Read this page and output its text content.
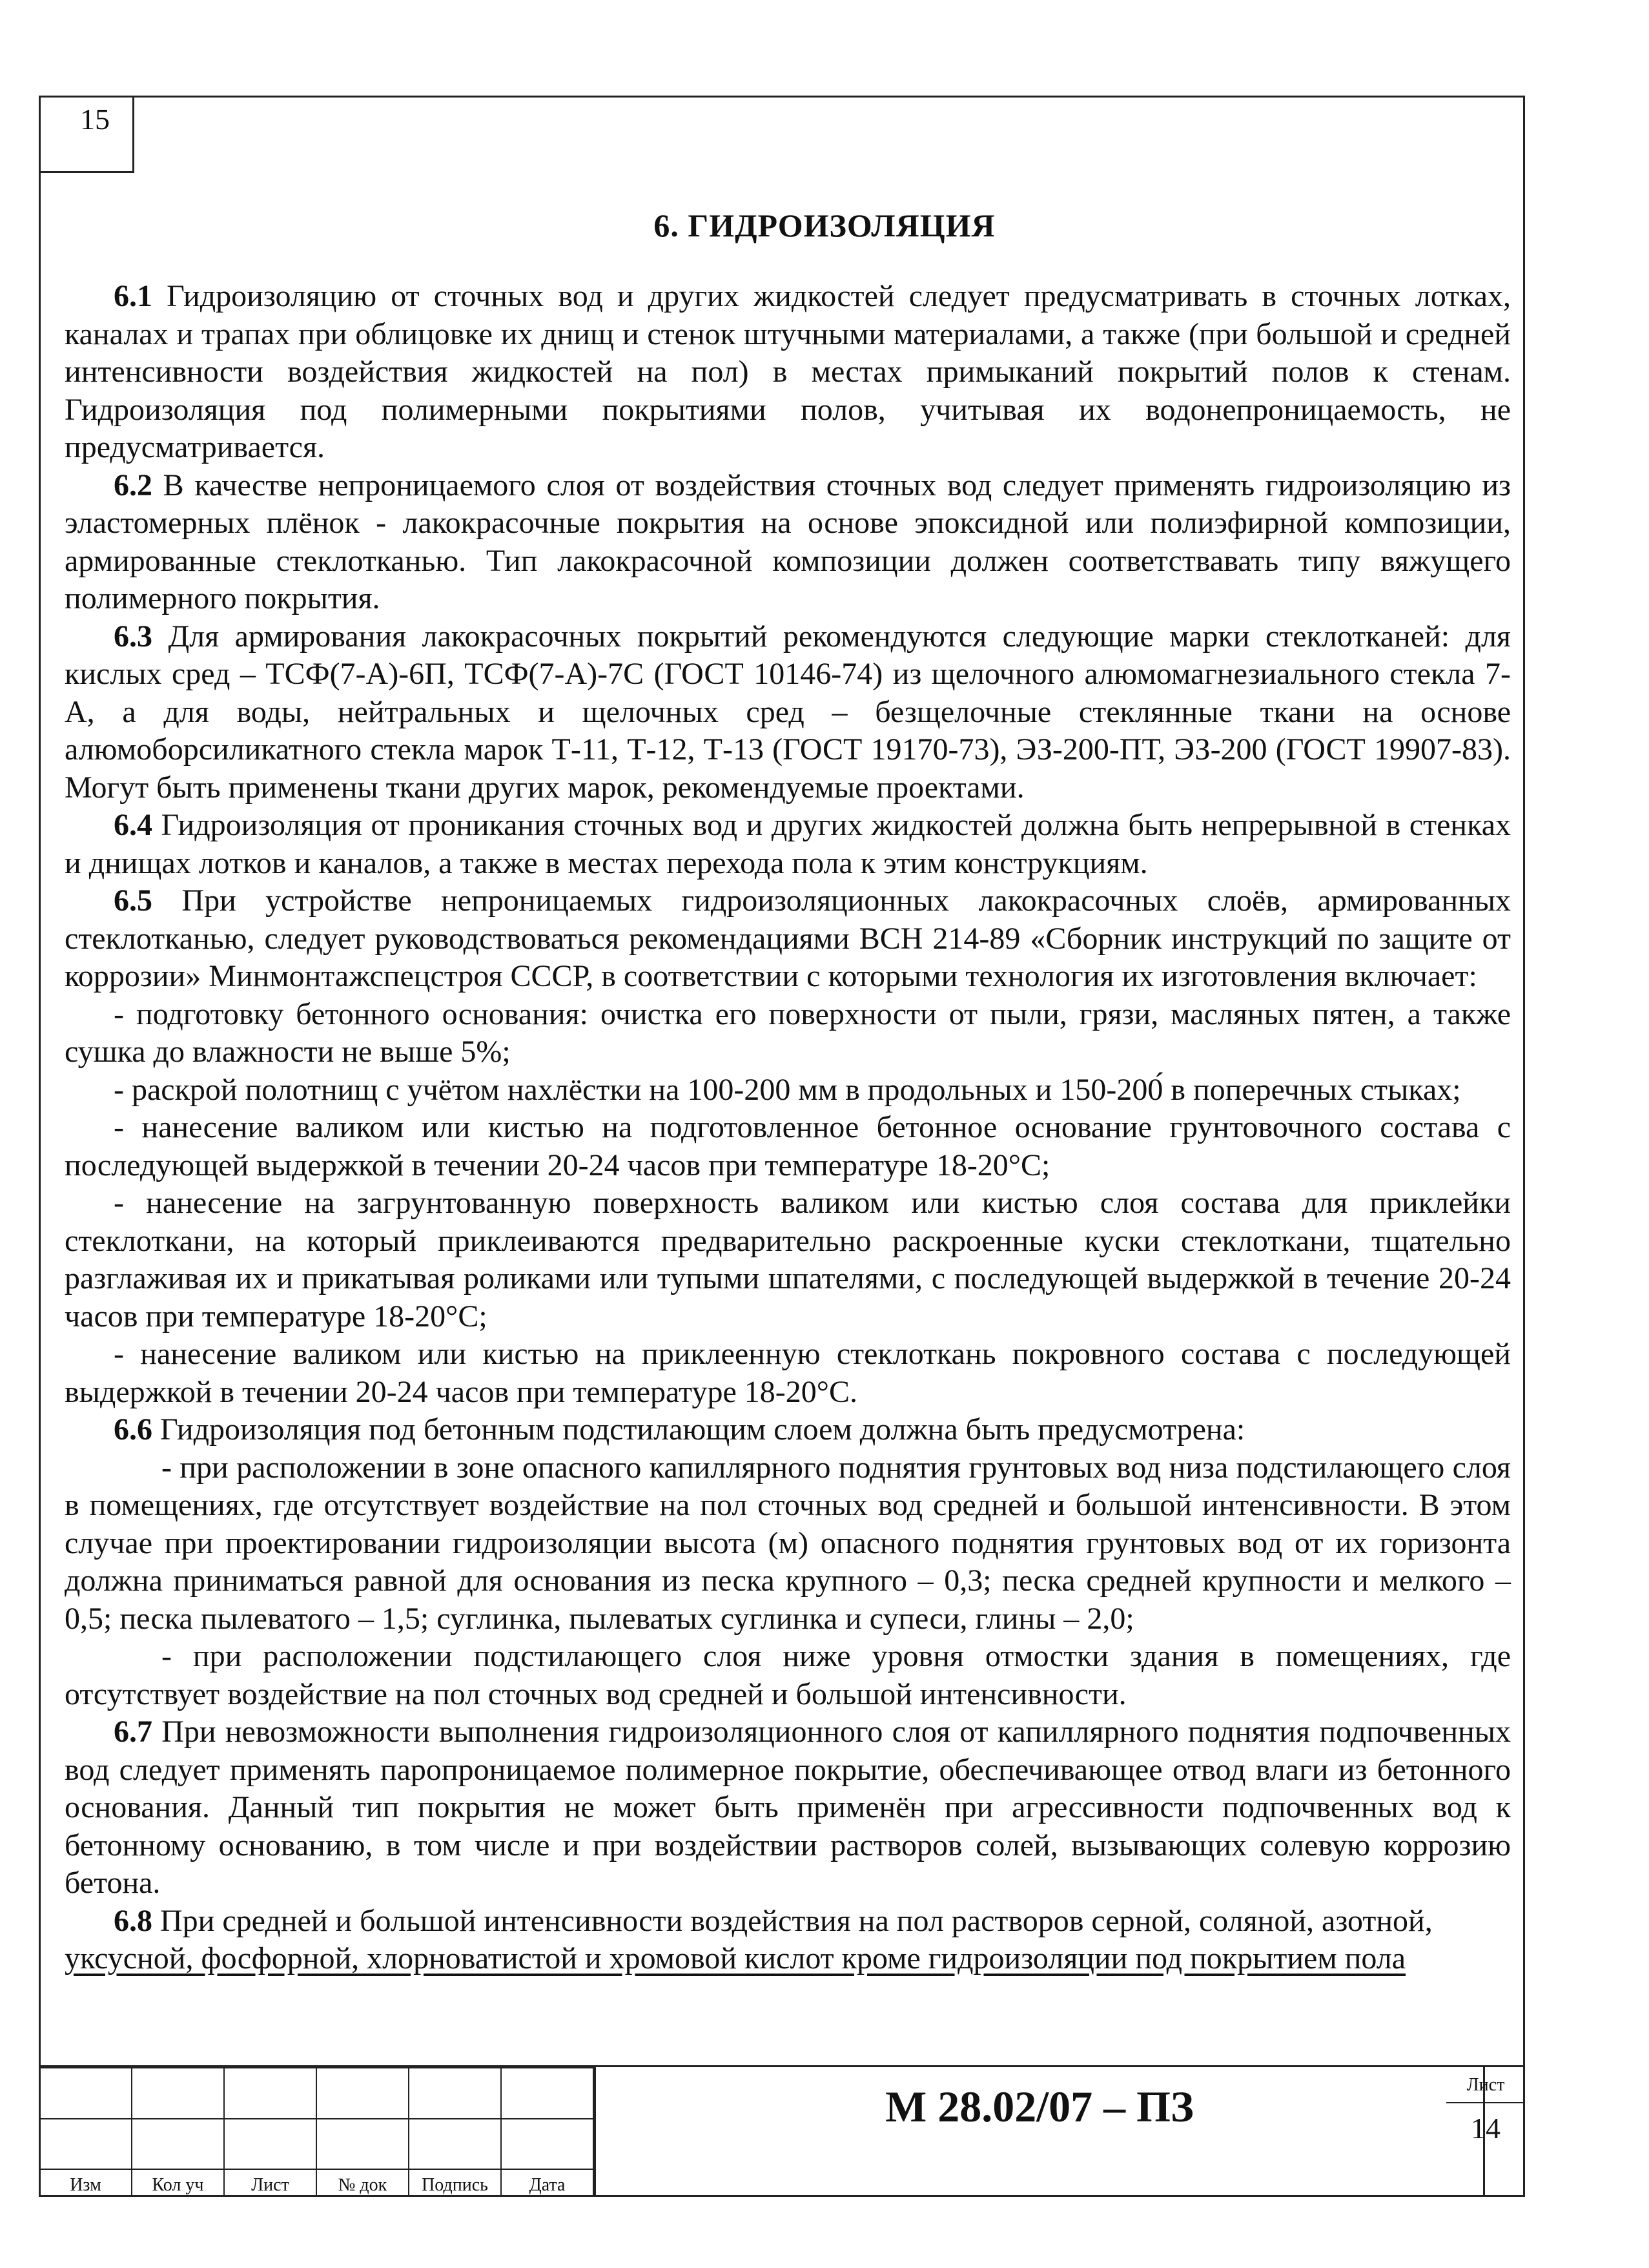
15
6. ГИДРОИЗОЛЯЦИЯ

6.1 Гидроизоляцию от сточных вод и других жидкостей следует предусматривать в сточных лотках, каналах и трапах при облицовке их днищ и стенок штучными материалами, а также (при большой и средней интенсивности воздействия жидкостей на пол) в местах примыканий покрытий полов к стенам. Гидроизоляция под полимерными покрытиями полов, учитывая их водонепроницаемость, не предусматривается.

6.2 В качестве непроницаемого слоя от воздействия сточных вод следует применять гидроизоляцию из эластомерных плёнок - лакокрасочные покрытия на основе эпоксидной или полиэфирной композиции, армированные стеклотканью. Тип лакокрасочной композиции должен соответствавать типу вяжущего полимерного покрытия.

6.3 Для армирования лакокрасочных покрытий рекомендуются следующие марки стеклотканей: для кислых сред – ТСФ(7-А)-6П, ТСФ(7-А)-7С (ГОСТ 10146-74) из щелочного алюмомагнезиального стекла 7-А, а для воды, нейтральных и щелочных сред – безщелочные стеклянные ткани на основе алюмоборсиликатного стекла марок Т-11, Т-12, Т-13 (ГОСТ 19170-73), ЭЗ-200-ПТ, ЭЗ-200 (ГОСТ 19907-83). Могут быть применены ткани других марок, рекомендуемые проектами.

6.4 Гидроизоляция от проникания сточных вод и других жидкостей должна быть непрерывной в стенках и днищах лотков и каналов, а также в местах перехода пола к этим конструкциям.

6.5 При устройстве непроницаемых гидроизоляционных лакокрасочных слоёв, армированных стеклотканью, следует руководствоваться рекомендациями ВСН 214-89 «Сборник инструкций по защите от коррозии» Минмонтажспецстроя СССР, в соответствии с которыми технология их изготовления включает:

- подготовку бетонного основания: очистка его поверхности от пыли, грязи, масляных пятен, а также сушка до влажности не выше 5%;

- раскрой полотнищ с учётом нахлёстки на 100-200 мм в продольных и 150-200́ в поперечных стыках;

- нанесение валиком или кистью на подготовленное бетонное основание грунтовочного состава с последующей выдержкой в течении 20-24 часов при температуре 18-20°С;

- нанесение на загрунтованную поверхность валиком или кистью слоя состава для приклейки стеклоткани, на который приклеиваются предварительно раскроенные куски стеклоткани, тщательно разглаживая их и прикатывая роликами или тупыми шпателями, с последующей выдержкой в течение 20-24 часов при температуре 18-20°С;

- нанесение валиком или кистью на приклеенную стеклоткань покровного состава с последующей выдержкой в течении 20-24 часов при температуре 18-20°С.

6.6 Гидроизоляция под бетонным подстилающим слоем должна быть предусмотрена:

- при расположении в зоне опасного капиллярного поднятия грунтовых вод низа подстилающего слоя в помещениях, где отсутствует воздействие на пол сточных вод средней и большой интенсивности. В этом случае при проектировании гидроизоляции высота (м) опасного поднятия грунтовых вод от их горизонта должна приниматься равной для основания из песка крупного – 0,3; песка средней крупности и мелкого – 0,5; песка пылеватого – 1,5; суглинка, пылеватых суглинка и супеси, глины – 2,0;

- при расположении подстилающего слоя ниже уровня отмостки здания в помещениях, где отсутствует воздействие на пол сточных вод средней и большой интенсивности.

6.7 При невозможности выполнения гидроизоляционного слоя от капиллярного поднятия подпочвенных вод следует применять паропроницаемое полимерное покрытие, обеспечивающее отвод влаги из бетонного основания. Данный тип покрытия не может быть применён при агрессивности подпочвенных вод к бетонному основанию, в том числе и при воздействии растворов солей, вызывающих солевую коррозию бетона.

6.8 При средней и большой интенсивности воздействия на пол растворов серной, соляной, азотной,

уксусной, фосфорной, хлорноватистой и хромовой кислот кроме гидроизоляции под покрытием пола

Изм	Кол уч	Лист	№ док	Подпись	Дата
М 28.02/07 – ПЗ	Лист
14
